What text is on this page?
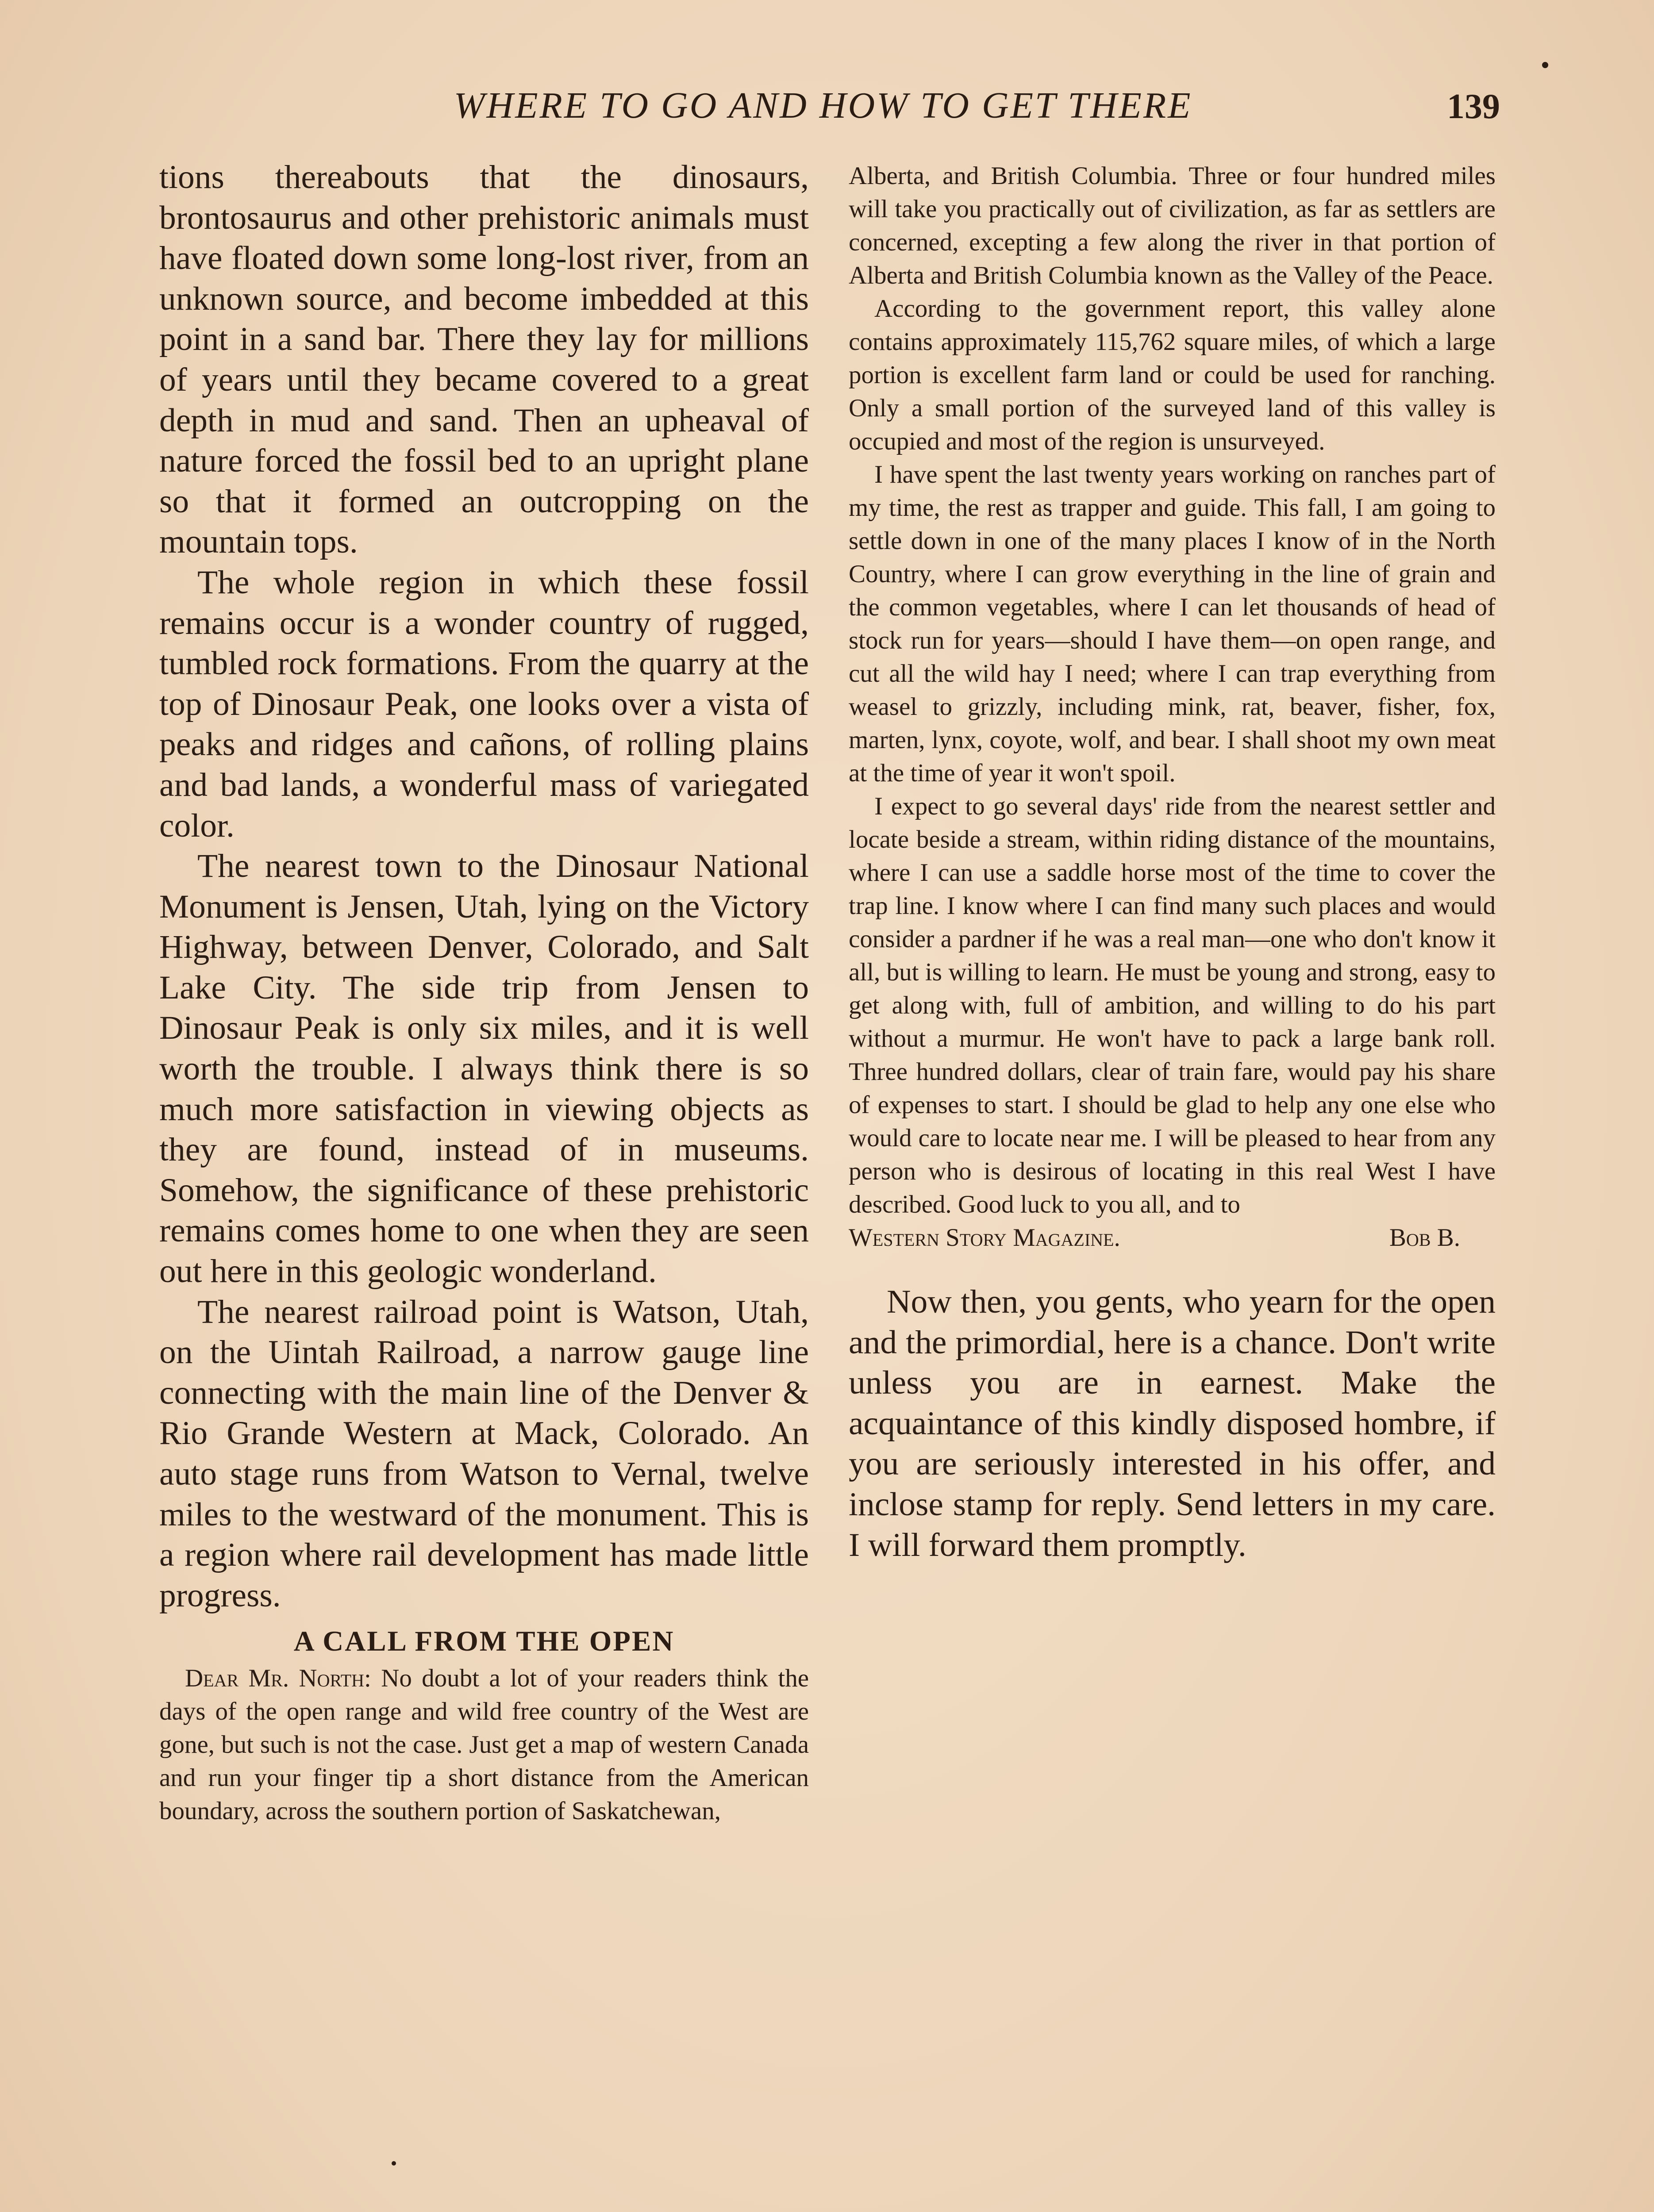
WHERE TO GO AND HOW TO GET THERE	139

tions thereabouts that the dinosaurs, brontosaurus and other prehistoric animals must have floated down some long-lost river, from an unknown source, and become imbedded at this point in a sand bar. There they lay for millions of years until they became covered to a great depth in mud and sand. Then an upheaval of nature forced the fossil bed to an upright plane so that it formed an outcropping on the mountain tops.

The whole region in which these fossil remains occur is a wonder country of rugged, tumbled rock formations. From the quarry at the top of Dinosaur Peak, one looks over a vista of peaks and ridges and cañons, of rolling plains and bad lands, a wonderful mass of variegated color.

The nearest town to the Dinosaur National Monument is Jensen, Utah, lying on the Victory Highway, between Denver, Colorado, and Salt Lake City. The side trip from Jensen to Dinosaur Peak is only six miles, and it is well worth the trouble. I always think there is so much more satisfaction in viewing objects as they are found, instead of in museums. Somehow, the significance of these prehistoric remains comes home to one when they are seen out here in this geologic wonderland.

The nearest railroad point is Watson, Utah, on the Uintah Railroad, a narrow gauge line connecting with the main line of the Denver & Rio Grande Western at Mack, Colorado. An auto stage runs from Watson to Vernal, twelve miles to the westward of the monument. This is a region where rail development has made little progress.

A CALL FROM THE OPEN

Dear Mr. North: No doubt a lot of your readers think the days of the open range and wild free country of the West are gone, but such is not the case. Just get a map of western Canada and run your finger tip a short distance from the American boundary, across the southern portion of Saskatchewan,

Alberta, and British Columbia. Three or four hundred miles will take you practically out of civilization, as far as settlers are concerned, excepting a few along the river in that portion of Alberta and British Columbia known as the Valley of the Peace.

According to the government report, this valley alone contains approximately 115,762 square miles, of which a large portion is excellent farm land or could be used for ranching. Only a small portion of the surveyed land of this valley is occupied and most of the region is unsurveyed.

I have spent the last twenty years working on ranches part of my time, the rest as trapper and guide. This fall, I am going to settle down in one of the many places I know of in the North Country, where I can grow everything in the line of grain and the common vegetables, where I can let thousands of head of stock run for years—should I have them—on open range, and cut all the wild hay I need; where I can trap everything from weasel to grizzly, including mink, rat, beaver, fisher, fox, marten, lynx, coyote, wolf, and bear. I shall shoot my own meat at the time of year it won't spoil.

I expect to go several days' ride from the nearest settler and locate beside a stream, within riding distance of the mountains, where I can use a saddle horse most of the time to cover the trap line. I know where I can find many such places and would consider a pardner if he was a real man—one who don't know it all, but is willing to learn. He must be young and strong, easy to get along with, full of ambition, and willing to do his part without a murmur. He won't have to pack a large bank roll. Three hundred dollars, clear of train fare, would pay his share of expenses to start. I should be glad to help any one else who would care to locate near me. I will be pleased to hear from any person who is desirous of locating in this real West I have described. Good luck to you all, and to

Western Story Magazine.	Bob B.

Now then, you gents, who yearn for the open and the primordial, here is a chance. Don't write unless you are in earnest. Make the acquaintance of this kindly disposed hombre, if you are seriously interested in his offer, and inclose stamp for reply. Send letters in my care. I will forward them promptly.
